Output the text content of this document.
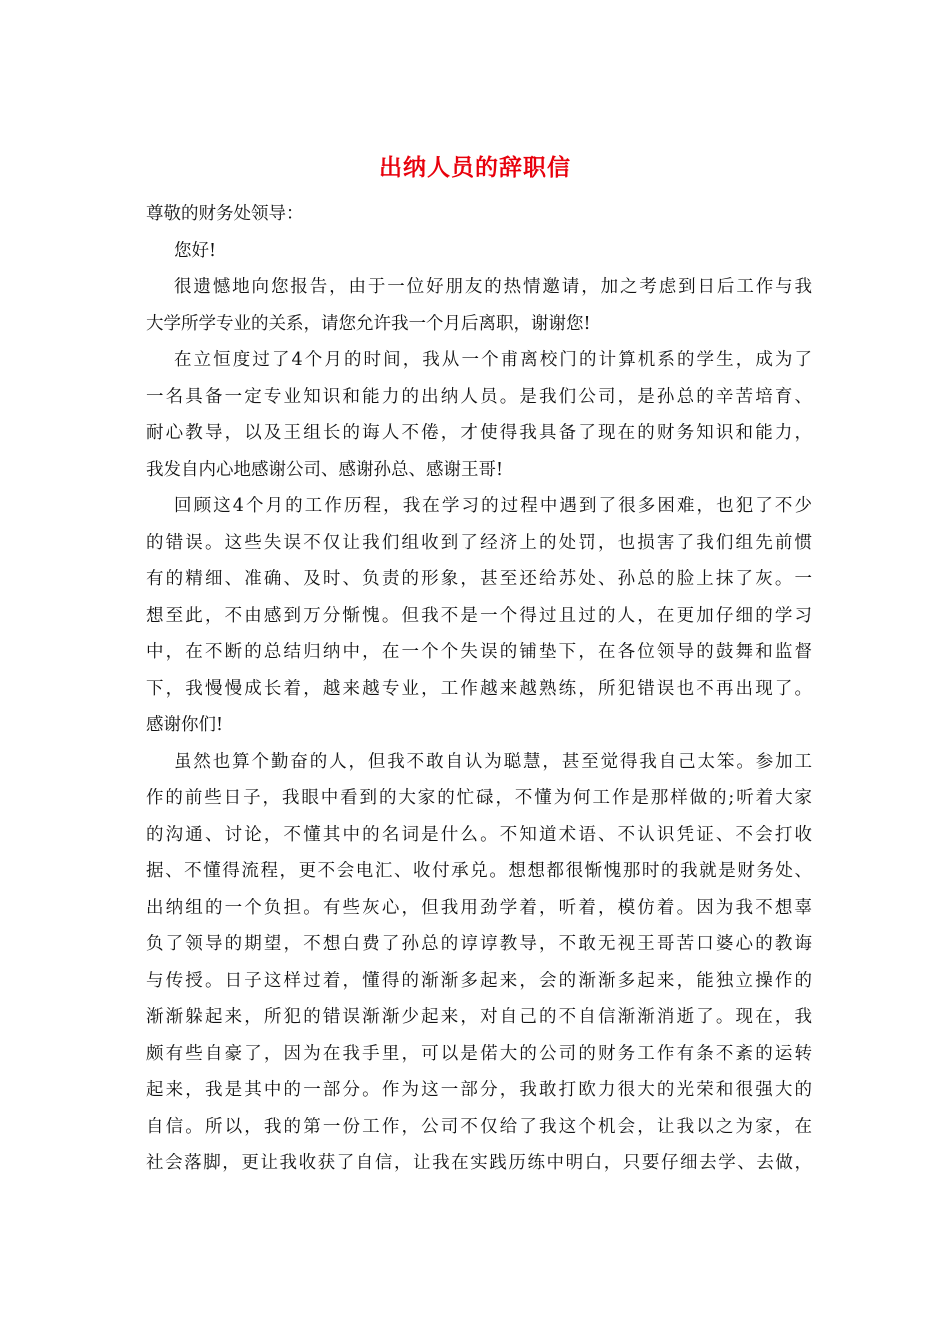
出纳人员的辞职信
尊敬的财务处领导：
您好!
很遗憾地向您报告，由于一位好朋友的热情邀请，加之考虑到日后工作与我
大学所学专业的关系，请您允许我一个月后离职，谢谢您!
在立恒度过了4个月的时间，我从一个甫离校门的计算机系的学生，成为了
一名具备一定专业知识和能力的出纳人员。是我们公司，是孙总的辛苦培育、
耐心教导，以及王组长的诲人不倦，才使得我具备了现在的财务知识和能力，
我发自内心地感谢公司、感谢孙总、感谢王哥!
回顾这4个月的工作历程，我在学习的过程中遇到了很多困难，也犯了不少
的错误。这些失误不仅让我们组收到了经济上的处罚，也损害了我们组先前惯
有的精细、准确、及时、负责的形象，甚至还给苏处、孙总的脸上抹了灰。一
想至此，不由感到万分惭愧。但我不是一个得过且过的人，在更加仔细的学习
中，在不断的总结归纳中，在一个个失误的铺垫下，在各位领导的鼓舞和监督
下，我慢慢成长着，越来越专业，工作越来越熟练，所犯错误也不再出现了。
感谢你们!
虽然也算个勤奋的人，但我不敢自认为聪慧，甚至觉得我自己太笨。参加工
作的前些日子，我眼中看到的大家的忙碌，不懂为何工作是那样做的;听着大家
的沟通、讨论，不懂其中的名词是什么。不知道术语、不认识凭证、不会打收
据、不懂得流程，更不会电汇、收付承兑。想想都很惭愧那时的我就是财务处、
出纳组的一个负担。有些灰心，但我用劲学着，听着，模仿着。因为我不想辜
负了领导的期望，不想白费了孙总的谆谆教导，不敢无视王哥苦口婆心的教诲
与传授。日子这样过着，懂得的渐渐多起来，会的渐渐多起来，能独立操作的
渐渐躲起来，所犯的错误渐渐少起来，对自己的不自信渐渐消逝了。现在，我
颇有些自豪了，因为在我手里，可以是偌大的公司的财务工作有条不紊的运转
起来，我是其中的一部分。作为这一部分，我敢打欧力很大的光荣和很强大的
自信。所以，我的第一份工作，公司不仅给了我这个机会，让我以之为家，在
社会落脚，更让我收获了自信，让我在实践历练中明白，只要仔细去学、去做，
